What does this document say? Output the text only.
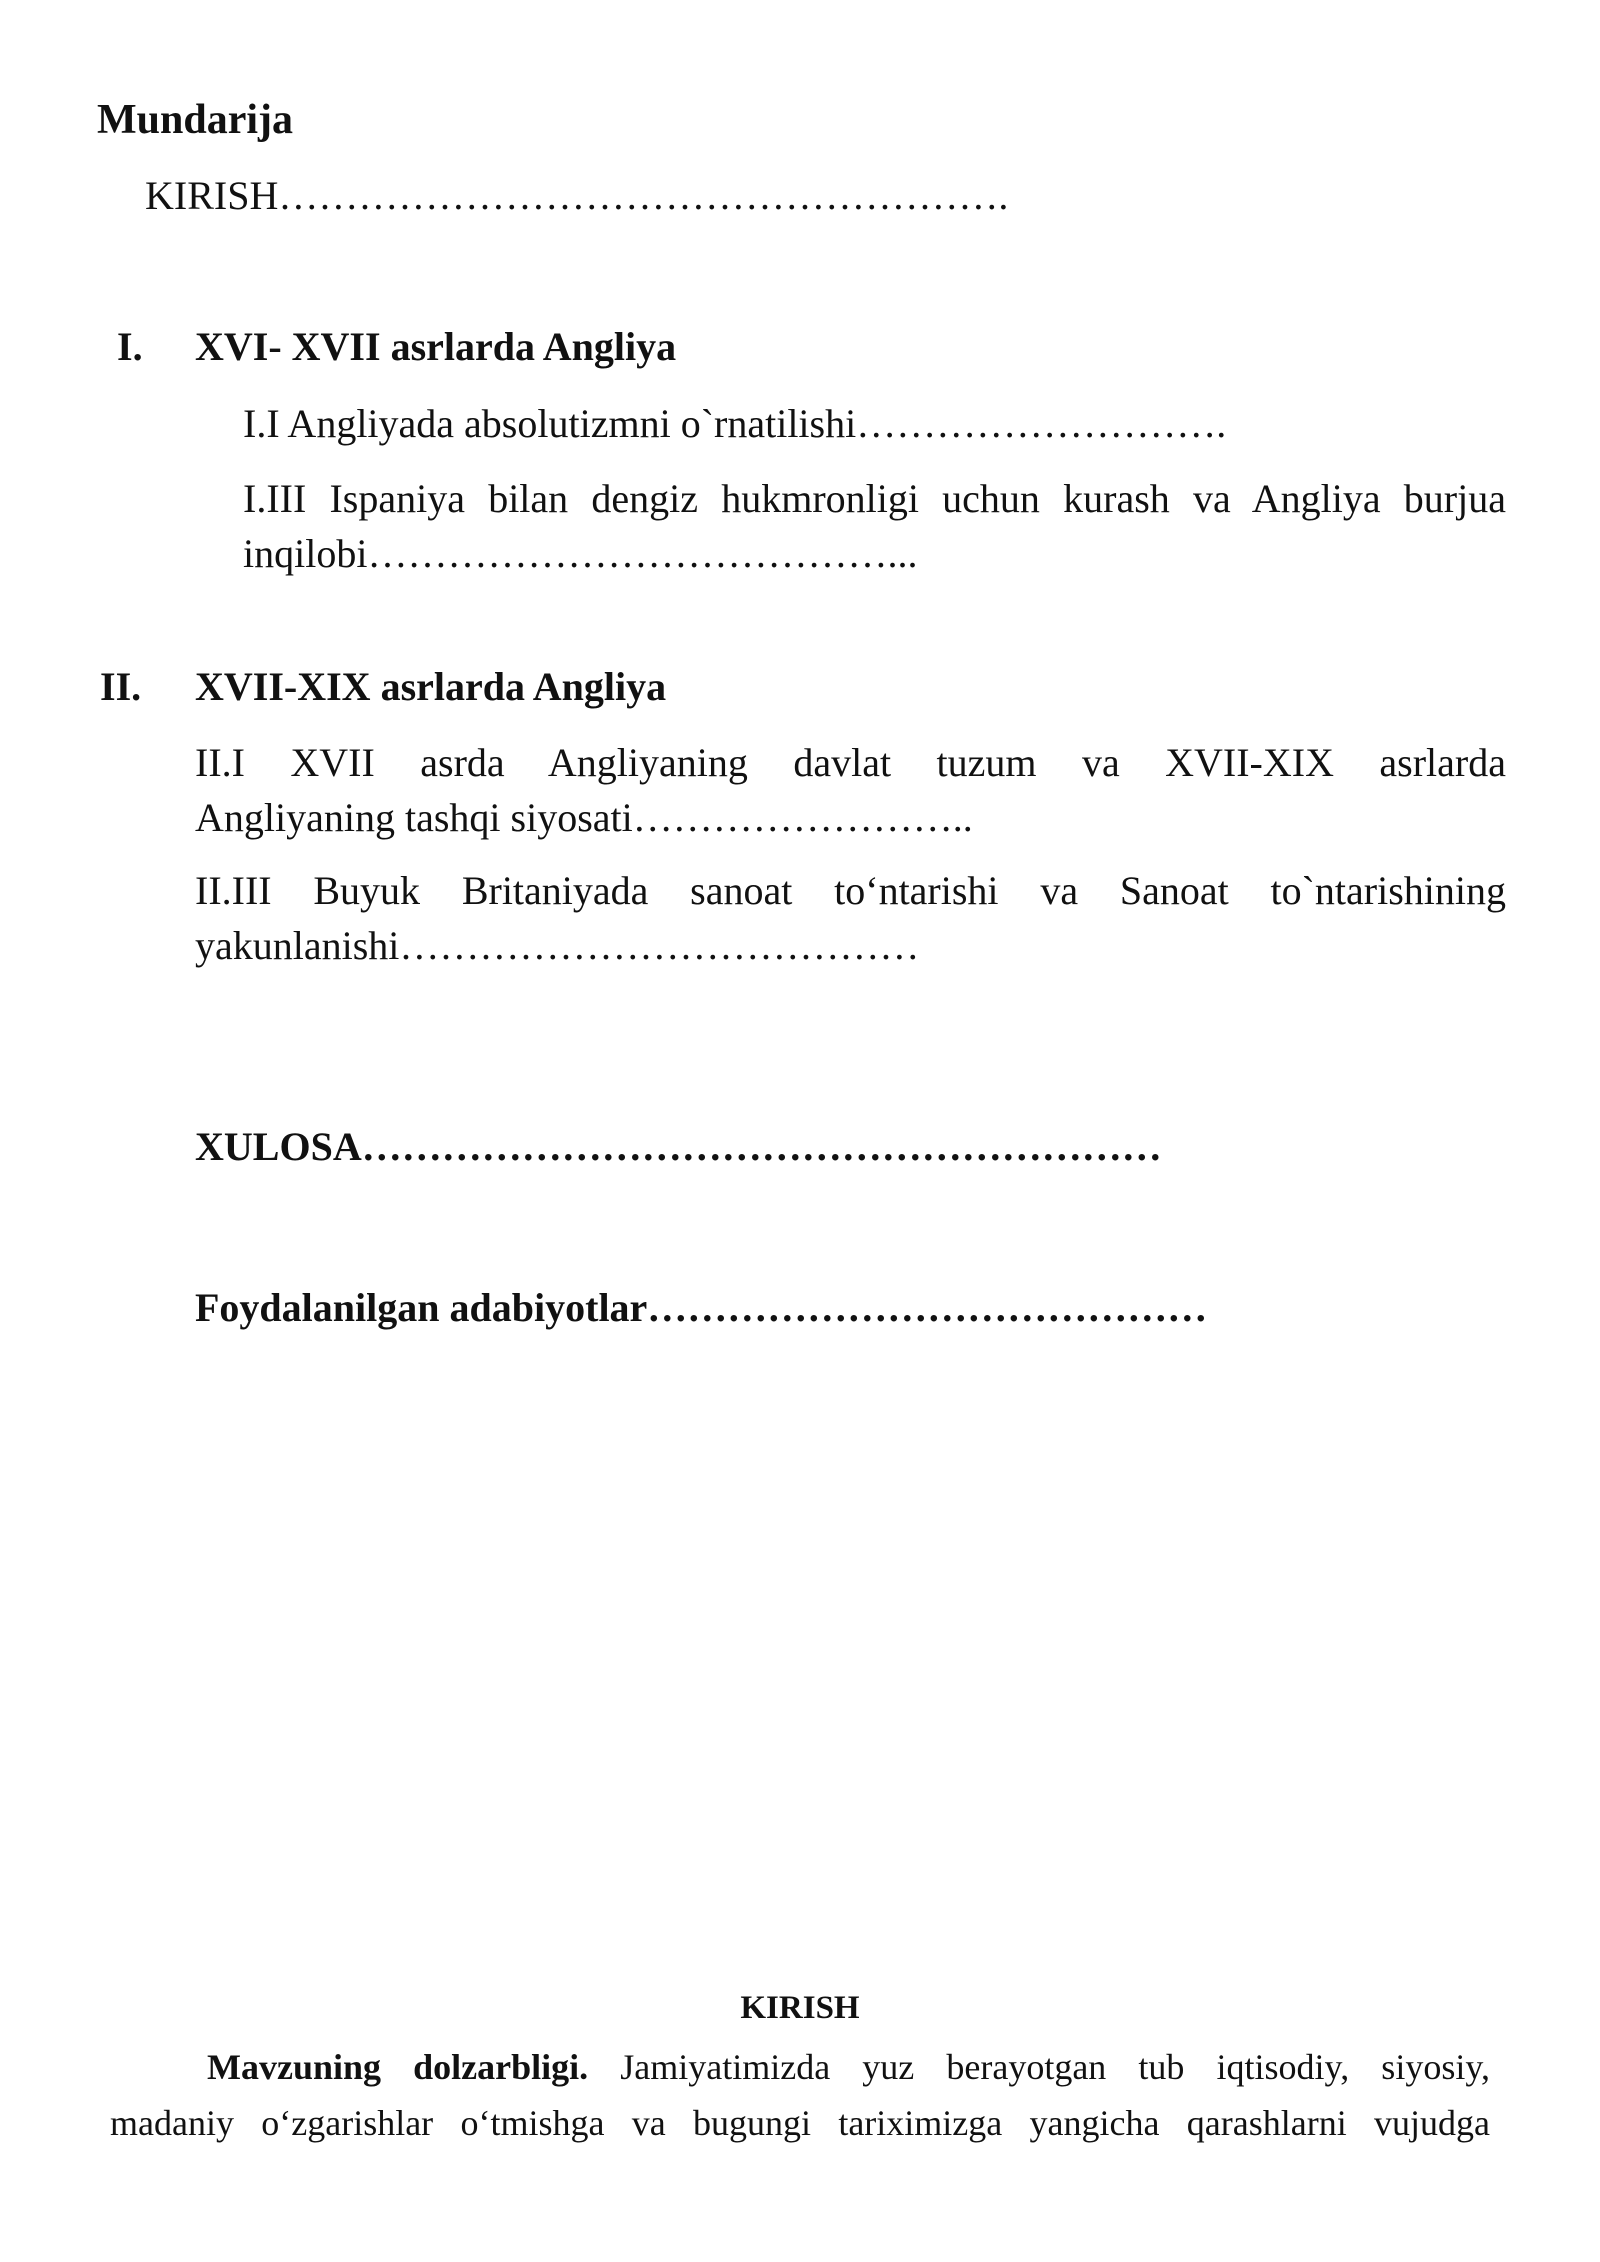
Mundarija
KIRISH……………………………………………….
I. XVI- XVII asrlarda Angliya
I.I Angliyada absolutizmni o`rnatilishi……………………….
I.III Ispaniya bilan dengiz hukmronligi uchun kurash va Angliya burjua
inqilobi…………………………………...
II. XVII-XIX asrlarda Angliya
II.I XVII asrda Angliyaning davlat tuzum va XVII-XIX asrlarda
Angliyaning tashqi siyosati……………………..
II.III Buyuk Britaniyada sanoat to‘ntarishi va Sanoat to`ntarishining
yakunlanishi…………………………………
XULOSA……………………………………………………
Foydalanilgan adabiyotlar……………………………………
KIRISH
Mavzuning dolzarbligi. Jamiyatimizda yuz berayotgan tub iqtisodiy, siyosiy,
madaniy o‘zgarishlar o‘tmishga va bugungi tariximizga yangicha qarashlarni vujudga
